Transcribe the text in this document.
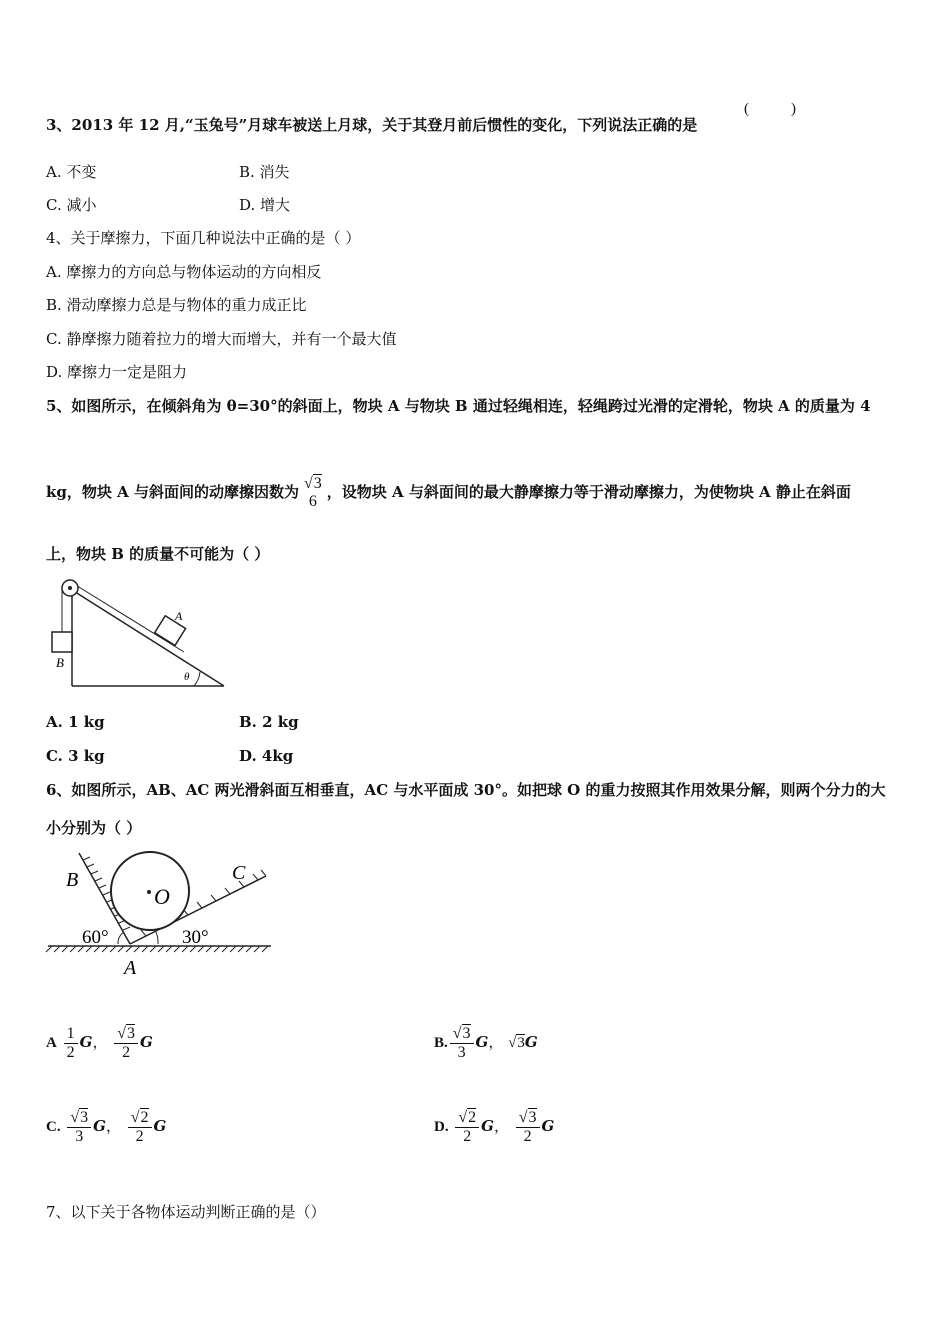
3、2013 年 12 月,“玉兔号”月球车被送上月球，关于其登月前后惯性的变化，下列说法正确的是
(	)
A. 不变	B. 消失
C. 减小	D. 增大
4、关于摩擦力，下面几种说法中正确的是（ ）
A. 摩擦力的方向总与物体运动的方向相反
B. 滑动摩擦力总是与物体的重力成正比
C. 静摩擦力随着拉力的增大而增大，并有一个最大值
D. 摩擦力一定是阻力
5、如图所示，在倾斜角为 θ=30°的斜面上，物块 A 与物块 B 通过轻绳相连，轻绳跨过光滑的定滑轮，物块 A 的质量为 4
kg，物块 A 与斜面间的动摩擦因数为 √3
6
，设物块 A 与斜面间的最大静摩擦力等于滑动摩擦力，为使物块 A 静止在斜面
上，物块 B 的质量不可能为（ ）
A
B
θ
A. 1 kg	B. 2 kg
C. 3 kg	D. 4kg
6、如图所示，AB、AC 两光滑斜面互相垂直，AC 与水平面成 30°。如把球 O 的重力按照其作用效果分解，则两个分力的大
小分别为（ ）
B	C
O
A
60°	30°
A $\frac{1}{2}$ G， $\frac{√3}{2}$ G	B. $\frac{√3}{3}$ G， √3G
C. $\frac{√3}{3}$ G， $\frac{√2}{2}$ G	D. $\frac{√2}{2}$ G， $\frac{√3}{2}$ G
7、以下关于各物体运动判断正确的是（）
